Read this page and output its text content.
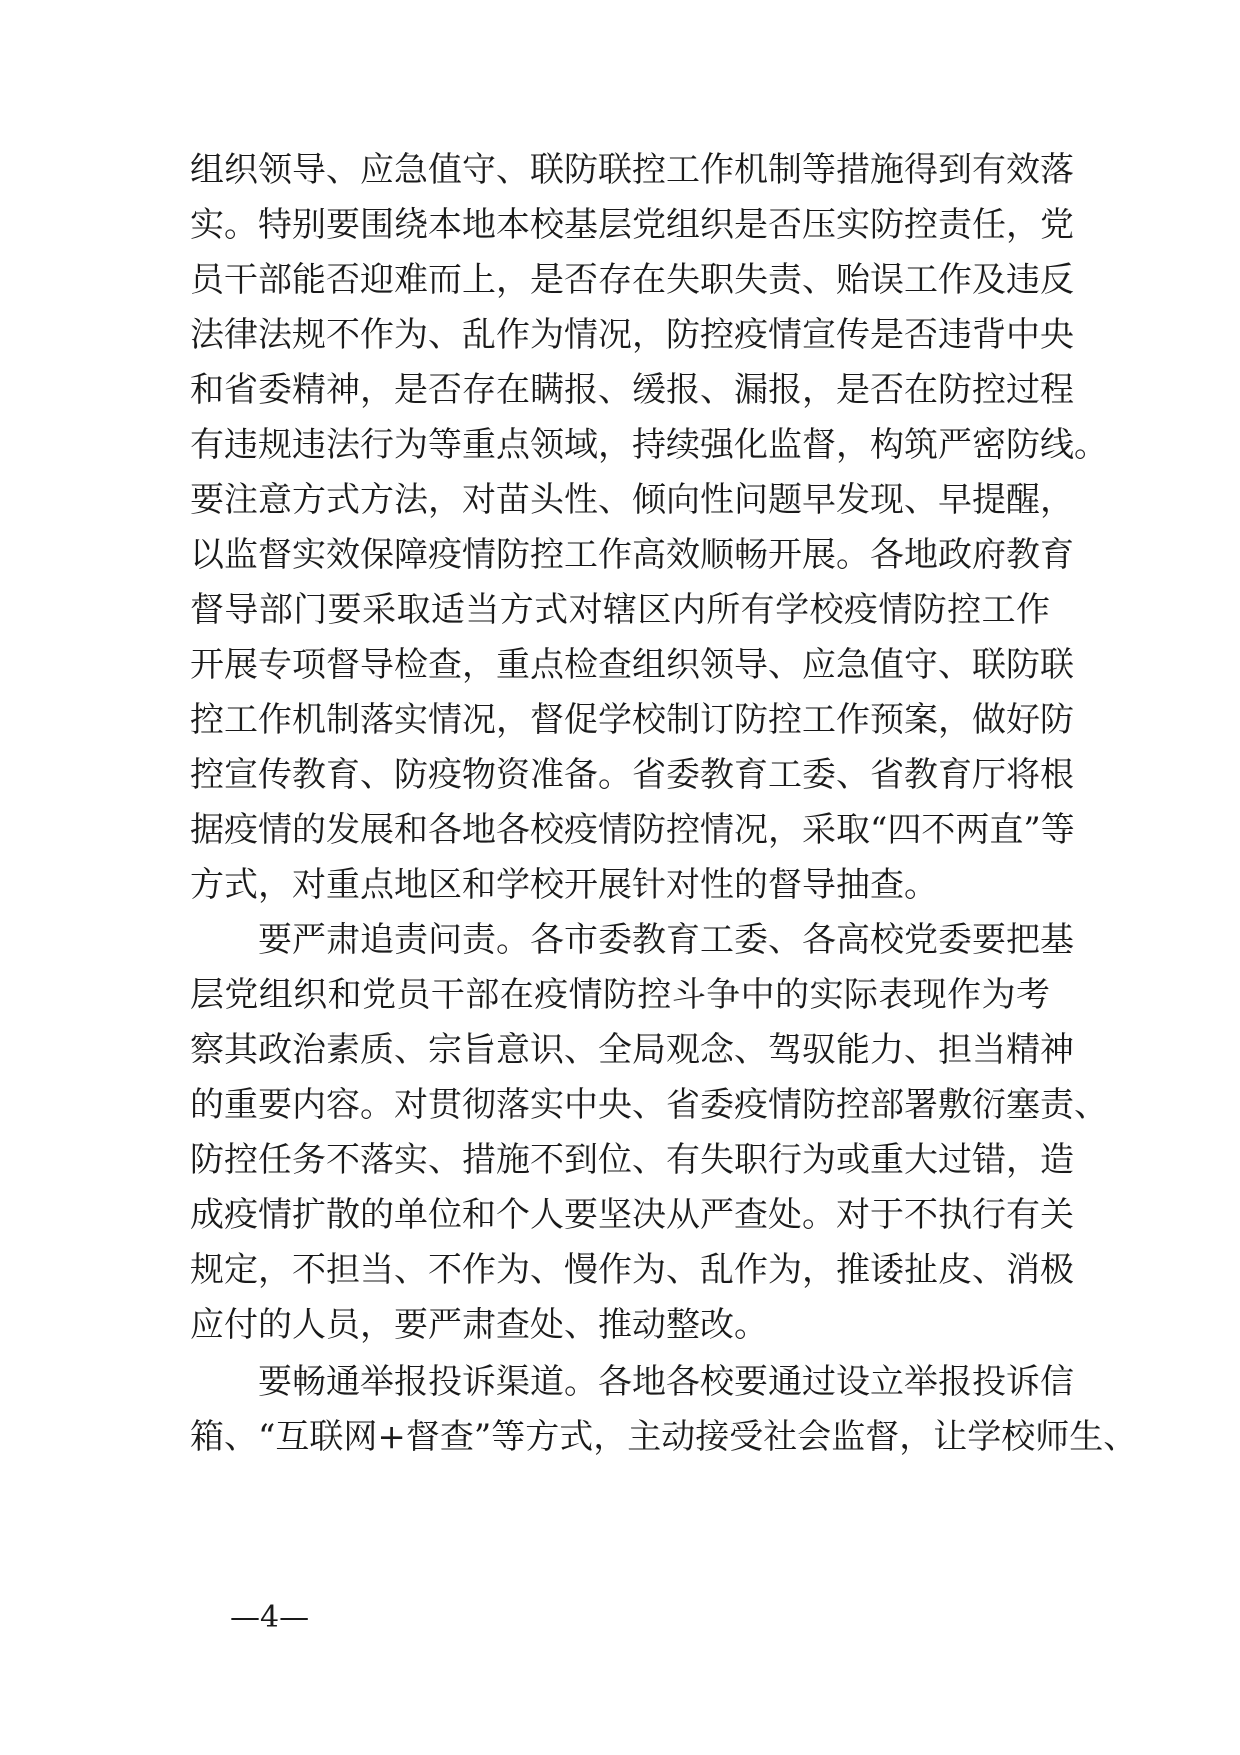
组织领导、应急值守、联防联控工作机制等措施得到有效落
实。特别要围绕本地本校基层党组织是否压实防控责任，党
员干部能否迎难而上，是否存在失职失责、贻误工作及违反
法律法规不作为、乱作为情况，防控疫情宣传是否违背中央
和省委精神，是否存在瞒报、缓报、漏报，是否在防控过程
有违规违法行为等重点领域，持续强化监督，构筑严密防线。
要注意方式方法，对苗头性、倾向性问题早发现、早提醒，
以监督实效保障疫情防控工作高效顺畅开展。各地政府教育
督导部门要采取适当方式对辖区内所有学校疫情防控工作
开展专项督导检查，重点检查组织领导、应急值守、联防联
控工作机制落实情况，督促学校制订防控工作预案，做好防
控宣传教育、防疫物资准备。省委教育工委、省教育厅将根
据疫情的发展和各地各校疫情防控情况，采取“四不两直”等
方式，对重点地区和学校开展针对性的督导抽查。
要严肃追责问责。各市委教育工委、各高校党委要把基
层党组织和党员干部在疫情防控斗争中的实际表现作为考
察其政治素质、宗旨意识、全局观念、驾驭能力、担当精神
的重要内容。对贯彻落实中央、省委疫情防控部署敷衍塞责、
防控任务不落实、措施不到位、有失职行为或重大过错，造
成疫情扩散的单位和个人要坚决从严查处。对于不执行有关
规定，不担当、不作为、慢作为、乱作为，推诿扯皮、消极
应付的人员，要严肃查处、推动整改。
要畅通举报投诉渠道。各地各校要通过设立举报投诉信
箱、“互联网+督查”等方式，主动接受社会监督，让学校师生、
—4—
